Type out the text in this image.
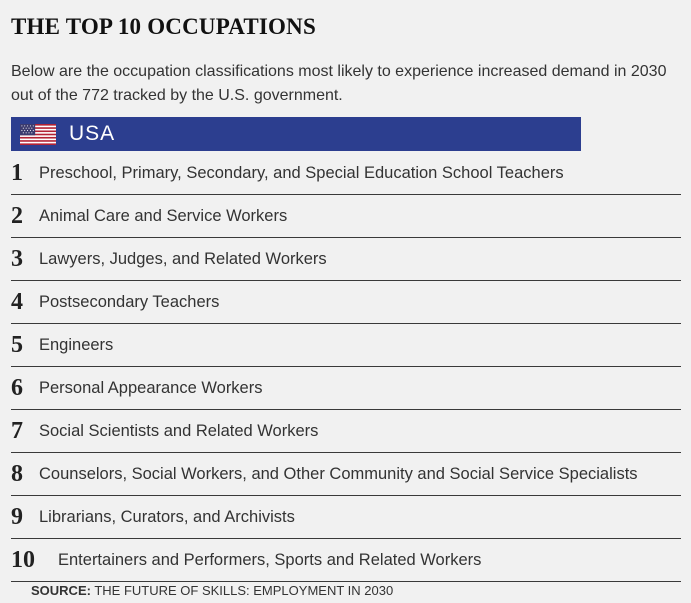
THE TOP 10 OCCUPATIONS
Below are the occupation classifications most likely to experience increased demand in 2030 out of the 772 tracked by the U.S. government.
USA
1 Preschool, Primary, Secondary, and Special Education School Teachers
2 Animal Care and Service Workers
3 Lawyers, Judges, and Related Workers
4 Postsecondary Teachers
5 Engineers
6 Personal Appearance Workers
7 Social Scientists and Related Workers
8 Counselors, Social Workers, and Other Community and Social Service Specialists
9 Librarians, Curators, and Archivists
10	Entertainers and Performers, Sports and Related Workers
SOURCE: THE FUTURE OF SKILLS: EMPLOYMENT IN 2030
